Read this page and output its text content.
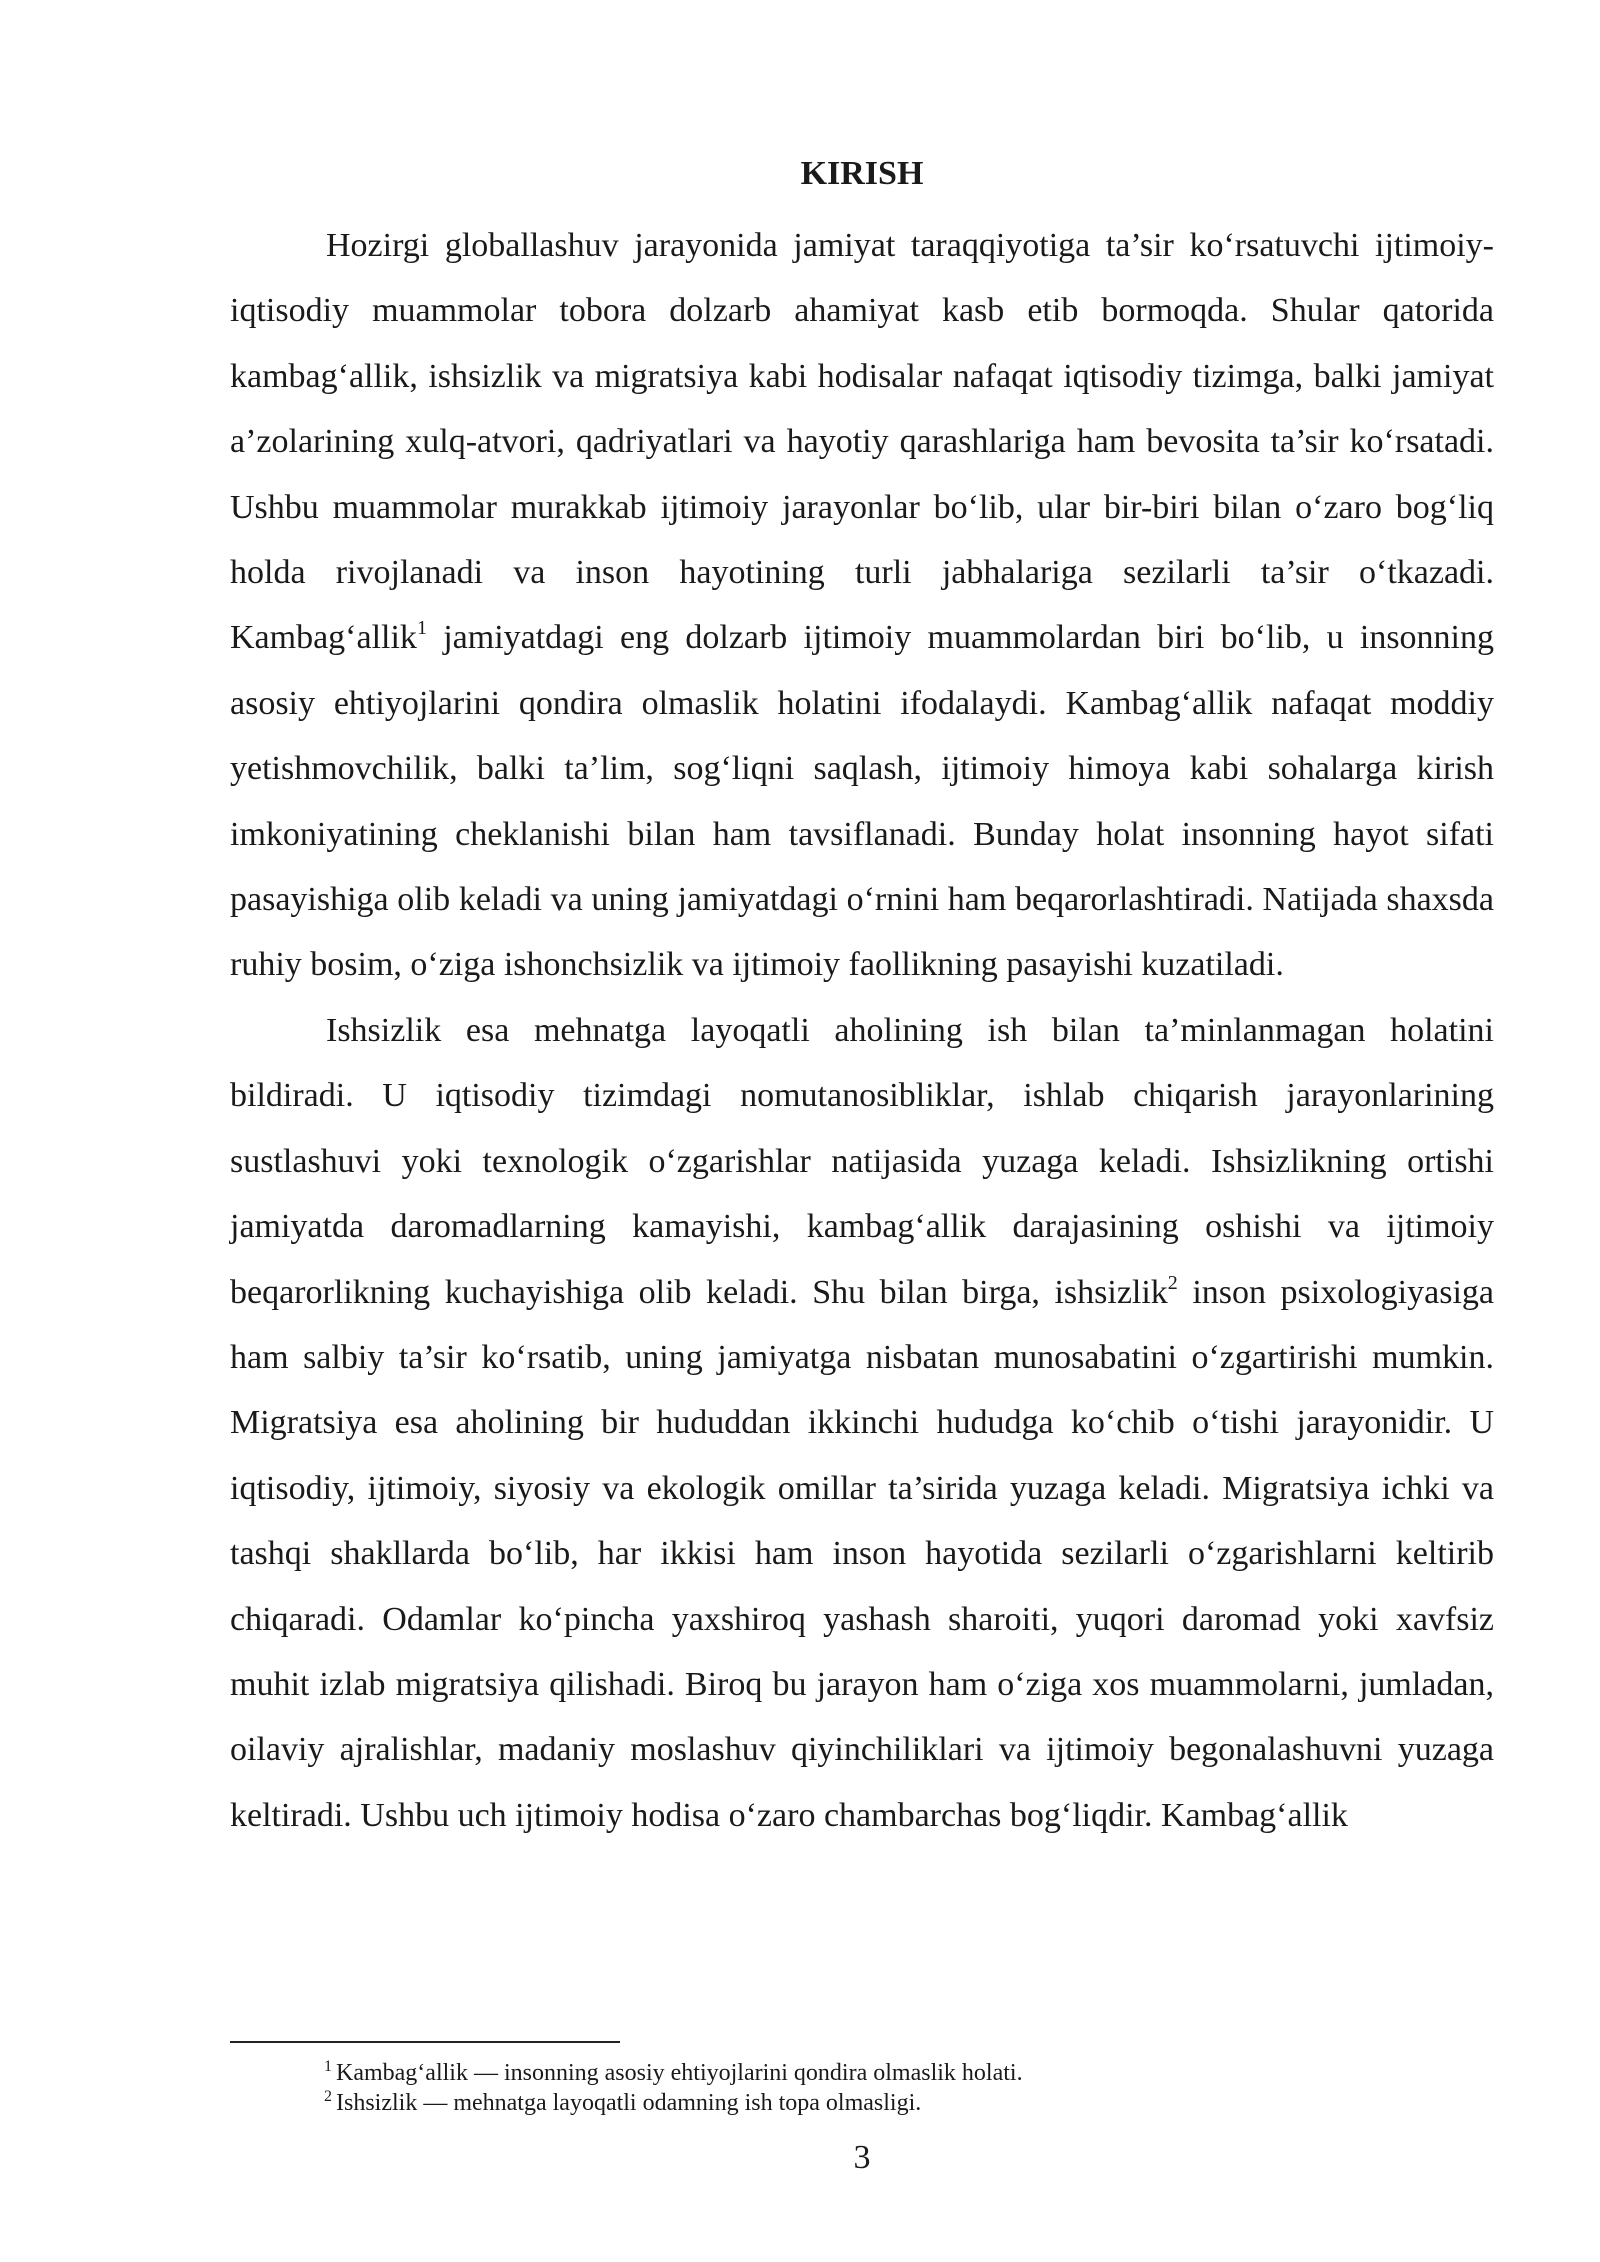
KIRISH

Hozirgi globallashuv jarayonida jamiyat taraqqiyotiga ta’sir ko‘rsatuvchi ijtimoiy-iqtisodiy muammolar tobora dolzarb ahamiyat kasb etib bormoqda. Shular qatorida kambag‘allik, ishsizlik va migratsiya kabi hodisalar nafaqat iqtisodiy tizimga, balki jamiyat a’zolarining xulq-atvori, qadriyatlari va hayotiy qarashlariga ham bevosita ta’sir ko‘rsatadi. Ushbu muammolar murakkab ijtimoiy jarayonlar bo‘lib, ular bir-biri bilan o‘zaro bog‘liq holda rivojlanadi va inson hayotining turli jabhalariga sezilarli ta’sir o‘tkazadi. Kambag‘allik$^1$ jamiyatdagi eng dolzarb ijtimoiy muammolardan biri bo‘lib, u insonning asosiy ehtiyojlarini qondira olmaslik holatini ifodalaydi. Kambag‘allik nafaqat moddiy yetishmovchilik, balki ta’lim, sog‘liqni saqlash, ijtimoiy himoya kabi sohalarga kirish imkoniyatining cheklanishi bilan ham tavsiflanadi. Bunday holat insonning hayot sifati pasayishiga olib keladi va uning jamiyatdagi o‘rnini ham beqarorlashtiradi. Natijada shaxsda ruhiy bosim, o‘ziga ishonchsizlik va ijtimoiy faollikning pasayishi kuzatiladi.

Ishsizlik esa mehnatga layoqatli aholining ish bilan ta’minlanmagan holatini bildiradi. U iqtisodiy tizimdagi nomutanosibliklar, ishlab chiqarish jarayonlarining sustlashuvi yoki texnologik o‘zgarishlar natijasida yuzaga keladi. Ishsizlikning ortishi jamiyatda daromadlarning kamayishi, kambag‘allik darajasining oshishi va ijtimoiy beqarorlikning kuchayishiga olib keladi. Shu bilan birga, ishsizlik$^2$ inson psixologiyasiga ham salbiy ta’sir ko‘rsatib, uning jamiyatga nisbatan munosabatini o‘zgartirishi mumkin. Migratsiya esa aholining bir hududdan ikkinchi hududga ko‘chib o‘tishi jarayonidir. U iqtisodiy, ijtimoiy, siyosiy va ekologik omillar ta’sirida yuzaga keladi. Migratsiya ichki va tashqi shakllarda bo‘lib, har ikkisi ham inson hayotida sezilarli o‘zgarishlarni keltirib chiqaradi. Odamlar ko‘pincha yaxshiroq yashash sharoiti, yuqori daromad yoki xavfsiz muhit izlab migratsiya qilishadi. Biroq bu jarayon ham o‘ziga xos muammolarni, jumladan, oilaviy ajralishlar, madaniy moslashuv qiyinchiliklari va ijtimoiy begonalashuvni yuzaga keltiradi. Ushbu uch ijtimoiy hodisa o‘zaro chambarchas bog‘liqdir. Kambag‘allik

$^1$ Kambag‘allik — insonning asosiy ehtiyojlarini qondira olmaslik holati.

$^2$ Ishsizlik — mehnatga layoqatli odamning ish topa olmasligi.

3
